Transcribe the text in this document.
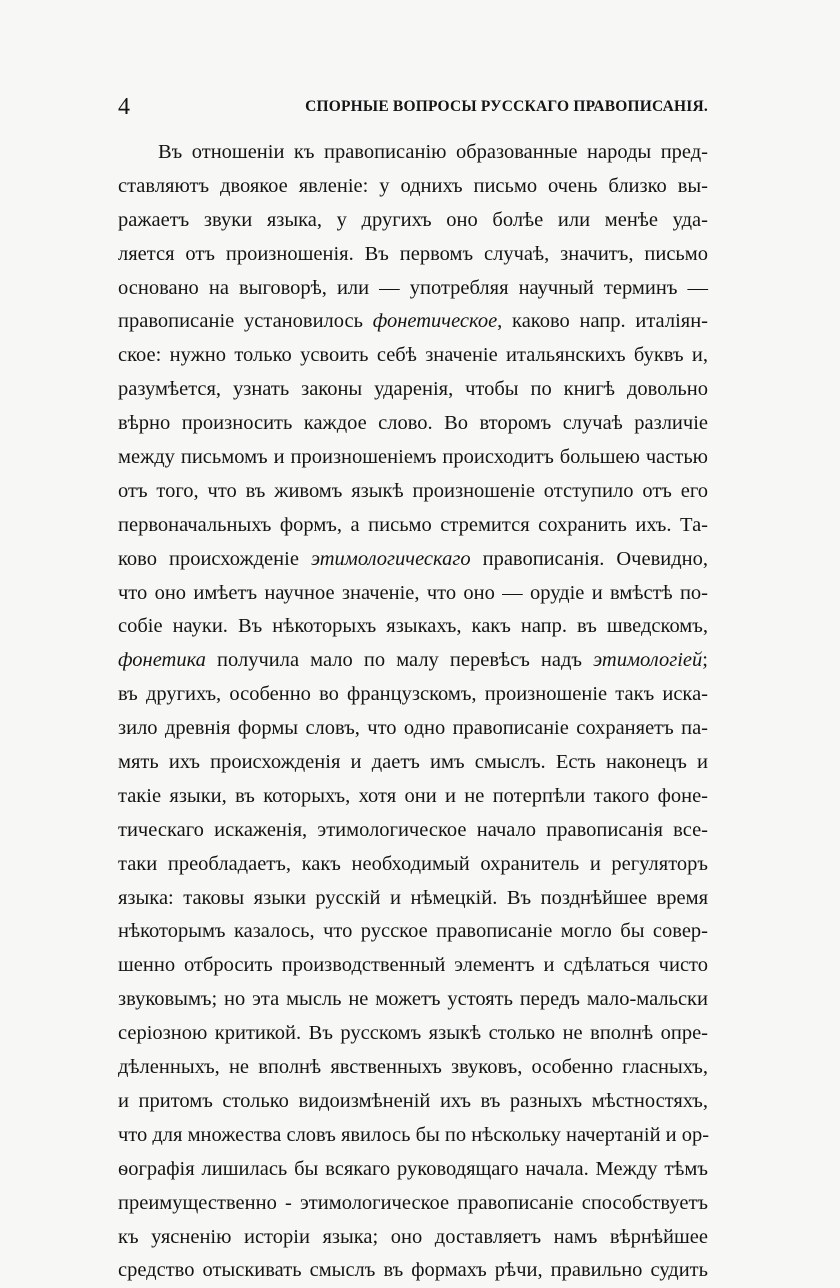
4	СПОРНЫЕ ВОПРОСЫ РУССКАГО ПРАВОПИСАНІЯ.
Въ отношеніи къ правописанію образованные народы пред-
ставляютъ двоякое явленіе: у однихъ письмо очень близко вы-
ражаетъ звуки языка, у другихъ оно болѣе или менѣе уда-
ляется отъ произношенія. Въ первомъ случаѣ, значитъ, письмо
основано на выговорѣ, или — употребляя научный терминъ —
правописаніе установилось фонетическое, каково напр. италіян-
ское: нужно только усвоить себѣ значеніе итальянскихъ буквъ и,
разумѣется, узнать законы ударенія, чтобы по книгѣ довольно
вѣрно произносить каждое слово. Во второмъ случаѣ различіе
между письмомъ и произношеніемъ происходитъ большею частью
отъ того, что въ живомъ языкѣ произношеніе отступило отъ его
первоначальныхъ формъ, а письмо стремится сохранить ихъ. Та-
ково происхожденіе этимологическаго правописанія. Очевидно,
что оно имѣетъ научное значеніе, что оно — орудіе и вмѣстѣ по-
собіе науки. Въ нѣкоторыхъ языкахъ, какъ напр. въ шведскомъ,
фонетика получила мало по малу перевѣсъ надъ этимологіей;
въ другихъ, особенно во французскомъ, произношеніе такъ иска-
зило древнія формы словъ, что одно правописаніе сохраняетъ па-
мять ихъ происхожденія и даетъ имъ смыслъ. Есть наконецъ и
такіе языки, въ которыхъ, хотя они и не потерпѣли такого фоне-
тическаго искаженія, этимологическое начало правописанія все-
таки преобладаетъ, какъ необходимый охранитель и регуляторъ
языка: таковы языки русскій и нѣмецкій. Въ позднѣйшее время
нѣкоторымъ казалось, что русское правописаніе могло бы совер-
шенно отбросить производственный элементъ и сдѣлаться чисто
звуковымъ; но эта мысль не можетъ устоять передъ мало-мальски
серіозною критикой. Въ русскомъ языкѣ столько не вполнѣ опре-
дѣленныхъ, не вполнѣ явственныхъ звуковъ, особенно гласныхъ,
и притомъ столько видоизмѣненій ихъ въ разныхъ мѣстностяхъ,
что для множества словъ явилось бы по нѣскольку начертаній и ор-
ѳографія лишилась бы всякаго руководящаго начала. Между тѣмъ
преимущественно - этимологическое правописаніе способствуетъ
къ уясненію исторіи языка; оно доставляетъ намъ вѣрнѣйшее
средство отыскивать смыслъ въ формахъ рѣчи, правильно судить
